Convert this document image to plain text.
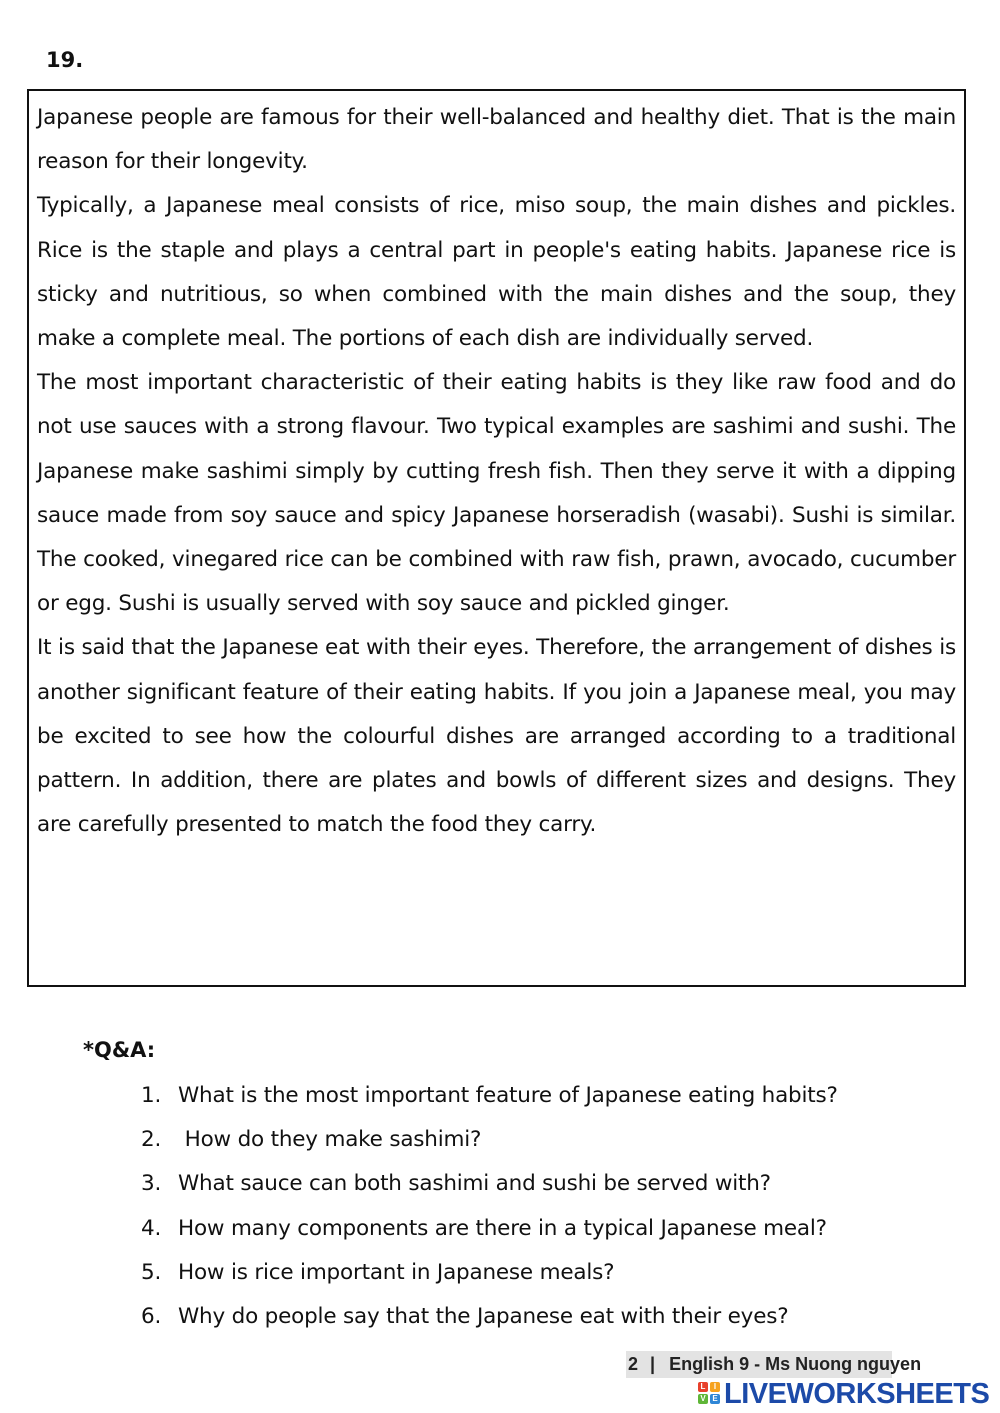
19.

Japanese people are famous for their well-balanced and healthy diet. That is the main reason for their longevity.

Typically, a Japanese meal consists of rice, miso soup, the main dishes and pickles. Rice is the staple and plays a central part in people's eating habits. Japanese rice is sticky and nutritious, so when combined with the main dishes and the soup, they make a complete meal. The portions of each dish are individually served.

The most important characteristic of their eating habits is they like raw food and do not use sauces with a strong flavour. Two typical examples are sashimi and sushi. The Japanese make sashimi simply by cutting fresh fish. Then they serve it with a dipping sauce made from soy sauce and spicy Japanese horseradish (wasabi). Sushi is similar. The cooked, vinegared rice can be combined with raw fish, prawn, avocado, cucumber or egg. Sushi is usually served with soy sauce and pickled ginger.

It is said that the Japanese eat with their eyes. Therefore, the arrangement of dishes is another significant feature of their eating habits. If you join a Japanese meal, you may be excited to see how the colourful dishes are arranged according to a traditional pattern. In addition, there are plates and bowls of different sizes and designs. They are carefully presented to match the food they carry.

*Q&A:
1. What is the most important feature of Japanese eating habits?
2. How do they make sashimi?
3. What sauce can both sashimi and sushi be served with?
4. How many components are there in a typical Japanese meal?
5. How is rice important in Japanese meals?
6. Why do people say that the Japanese eat with their eyes?
2 | English 9 - Ms Nuong nguyen
L	I
V E LIVEWORKSHEETS
